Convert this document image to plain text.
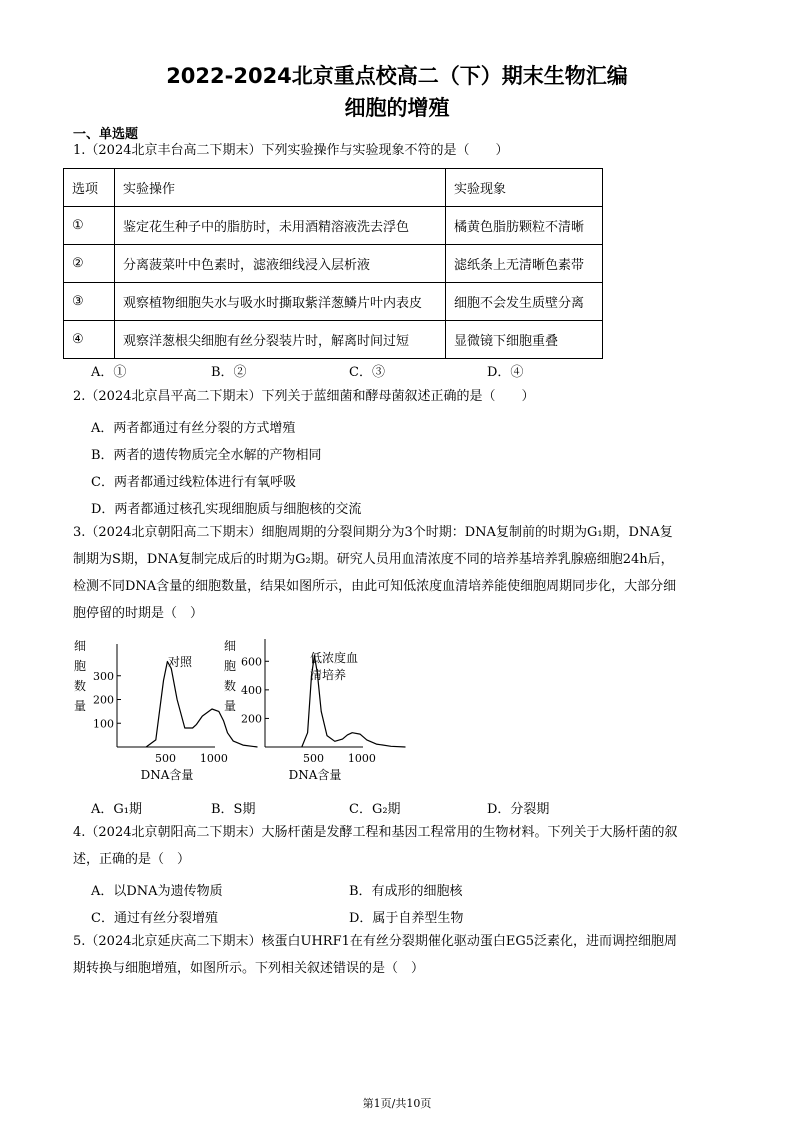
2022-2024北京重点校高二（下）期末生物汇编
细胞的增殖
一、单选题
1.（2024北京丰台高二下期末）下列实验操作与实验现象不符的是（　　）
选项	实验操作	实验现象
①	鉴定花生种子中的脂肪时，未用酒精溶液洗去浮色	橘黄色脂肪颗粒不清晰
②	分离菠菜叶中色素时，滤液细线浸入层析液	滤纸条上无清晰色素带
③	观察植物细胞失水与吸水时撕取紫洋葱鳞片叶内表皮	细胞不会发生质壁分离
④	观察洋葱根尖细胞有丝分裂装片时，解离时间过短	显微镜下细胞重叠
A．①	B．②	C．③	D．④
2.（2024北京昌平高二下期末）下列关于蓝细菌和酵母菌叙述正确的是（　　）
A．两者都通过有丝分裂的方式增殖
B．两者的遗传物质完全水解的产物相同
C．两者都通过线粒体进行有氧呼吸
D．两者都通过核孔实现细胞质与细胞核的交流
3.（2024北京朝阳高二下期末）细胞周期的分裂间期分为3个时期：DNA复制前的时期为G₁期，DNA复
制期为S期，DNA复制完成后的时期为G₂期。研究人员用血清浓度不同的培养基培养乳腺癌细胞24h后，
检测不同DNA含量的细胞数量，结果如图所示，由此可知低浓度血清培养能使细胞周期同步化，大部分细
胞停留的时期是（　）
100
200
300
500 1000
细
胞
数
量
DNA含量
对照
200
400
600
500 1000
细
胞
数
量
DNA含量
低浓度血
清培养
A．G₁期	B．S期	C．G₂期	D．分裂期
4.（2024北京朝阳高二下期末）大肠杆菌是发酵工程和基因工程常用的生物材料。下列关于大肠杆菌的叙
述，正确的是（　）
A．以DNA为遗传物质	B．有成形的细胞核
C．通过有丝分裂增殖	D．属于自养型生物
5.（2024北京延庆高二下期末）核蛋白UHRF1在有丝分裂期催化驱动蛋白EG5泛素化，进而调控细胞周
期转换与细胞增殖，如图所示。下列相关叙述错误的是（　）
第1页/共10页
